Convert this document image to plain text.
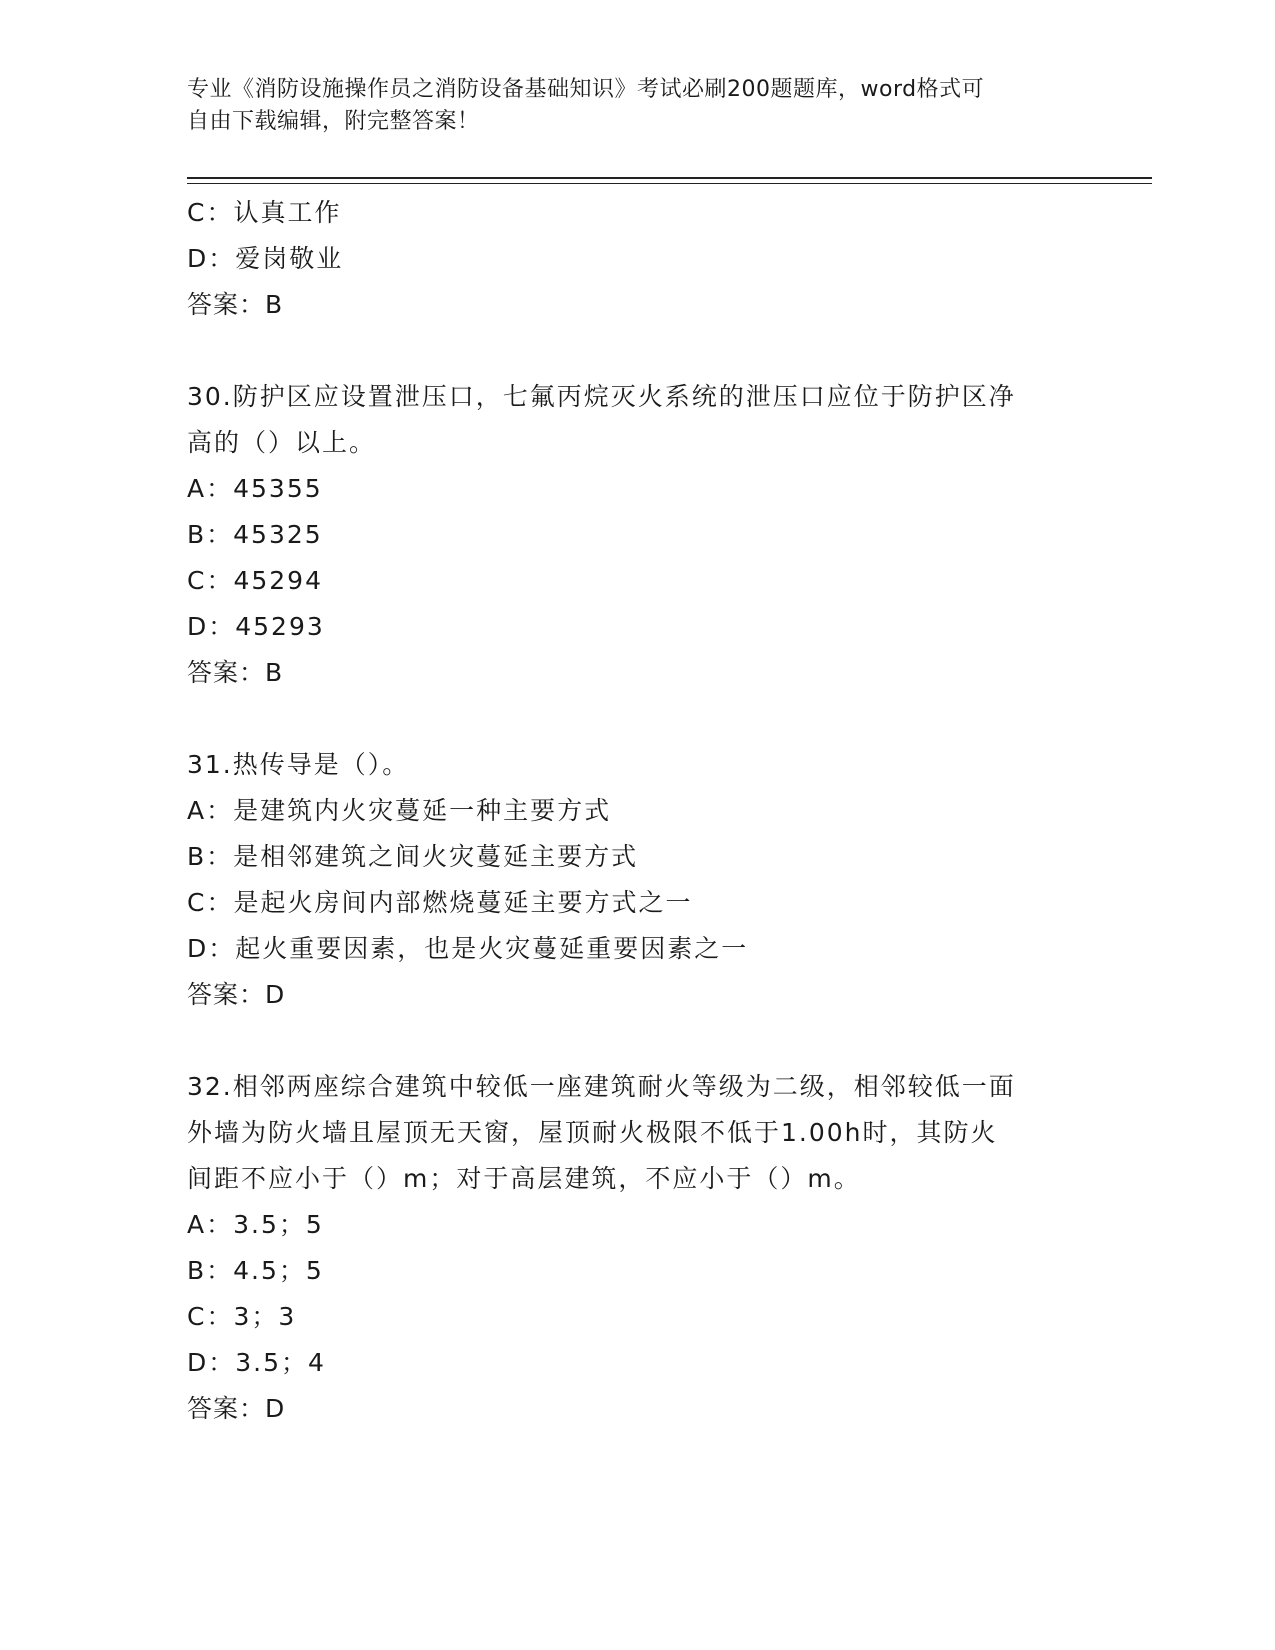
专业《消防设施操作员之消防设备基础知识》考试必刷200题题库，word格式可
自由下载编辑，附完整答案！
C：认真工作
D：爱岗敬业
答案：B
30.防护区应设置泄压口，七氟丙烷灭火系统的泄压口应位于防护区净
高的（）以上。
A：45355
B：45325
C：45294
D：45293
答案：B
31.热传导是（）。
A：是建筑内火灾蔓延一种主要方式
B：是相邻建筑之间火灾蔓延主要方式
C：是起火房间内部燃烧蔓延主要方式之一
D：起火重要因素，也是火灾蔓延重要因素之一
答案：D
32.相邻两座综合建筑中较低一座建筑耐火等级为二级，相邻较低一面
外墙为防火墙且屋顶无天窗，屋顶耐火极限不低于1.00h时，其防火
间距不应小于（）m；对于高层建筑，不应小于（）m。
A：3.5；5
B：4.5；5
C：3；3
D：3.5；4
答案：D
